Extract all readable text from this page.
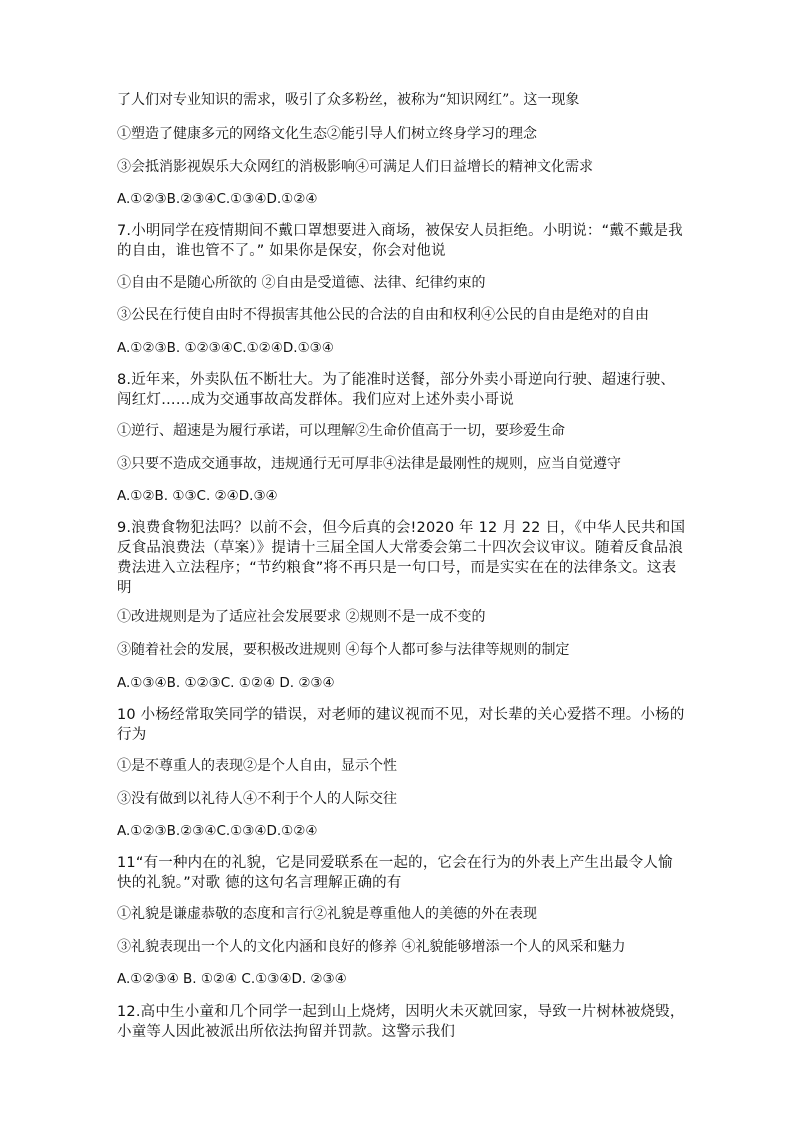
了人们对专业知识的需求，吸引了众多粉丝，被称为“知识网红”。这一现象
①塑造了健康多元的网络文化生态②能引导人们树立终身学习的理念
③会抵消影视娱乐大众网红的消极影响④可满足人们日益增长的精神文化需求
A.①②③B.②③④C.①③④D.①②④
7.小明同学在疫情期间不戴口罩想要进入商场，被保安人员拒绝。小明说：“戴不戴是我的自由，谁也管不了。” 如果你是保安，你会对他说
①自由不是随心所欲的 ②自由是受道德、法律、纪律约束的
③公民在行使自由时不得损害其他公民的合法的自由和权利④公民的自由是绝对的自由
A.①②③B. ①②③④C.①②④D.①③④
8.近年来，外卖队伍不断壮大。为了能准时送餐，部分外卖小哥逆向行驶、超速行驶、闯红灯……成为交通事故高发群体。我们应对上述外卖小哥说
①逆行、超速是为履行承诺，可以理解②生命价值高于一切，要珍爱生命
③只要不造成交通事故，违规通行无可厚非④法律是最刚性的规则，应当自觉遵守
A.①②B. ①③C. ②④D.③④
9.浪费食物犯法吗？以前不会，但今后真的会!2020 年 12 月 22 日，《中华人民共和国反食品浪费法（草案）》提请十三届全国人大常委会第二十四次会议审议。随着反食品浪费法进入立法程序；“节约粮食”将不再只是一句口号，而是实实在在的法律条文。这表明
①改进规则是为了适应社会发展要求 ②规则不是一成不变的
③随着社会的发展，要积极改进规则 ④每个人都可参与法律等规则的制定
A.①③④B. ①②③C. ①②④ D. ②③④
10 小杨经常取笑同学的错误，对老师的建议视而不见，对长辈的关心爱搭不理。小杨的行为
①是不尊重人的表现②是个人自由，显示个性
③没有做到以礼待人④不利于个人的人际交往
A.①②③B.②③④C.①③④D.①②④
11“有一种内在的礼貌，它是同爱联系在一起的，它会在行为的外表上产生出最令人愉快的礼貌。”对歌 德的这句名言理解正确的有
①礼貌是谦虚恭敬的态度和言行②礼貌是尊重他人的美德的外在表现
③礼貌表现出一个人的文化内涵和良好的修养 ④礼貌能够增添一个人的风采和魅力
A.①②③④ B. ①②④ C.①③④D. ②③④
12.高中生小童和几个同学一起到山上烧烤，因明火未灭就回家，导致一片树林被烧毁，小童等人因此被派出所依法拘留并罚款。这警示我们
